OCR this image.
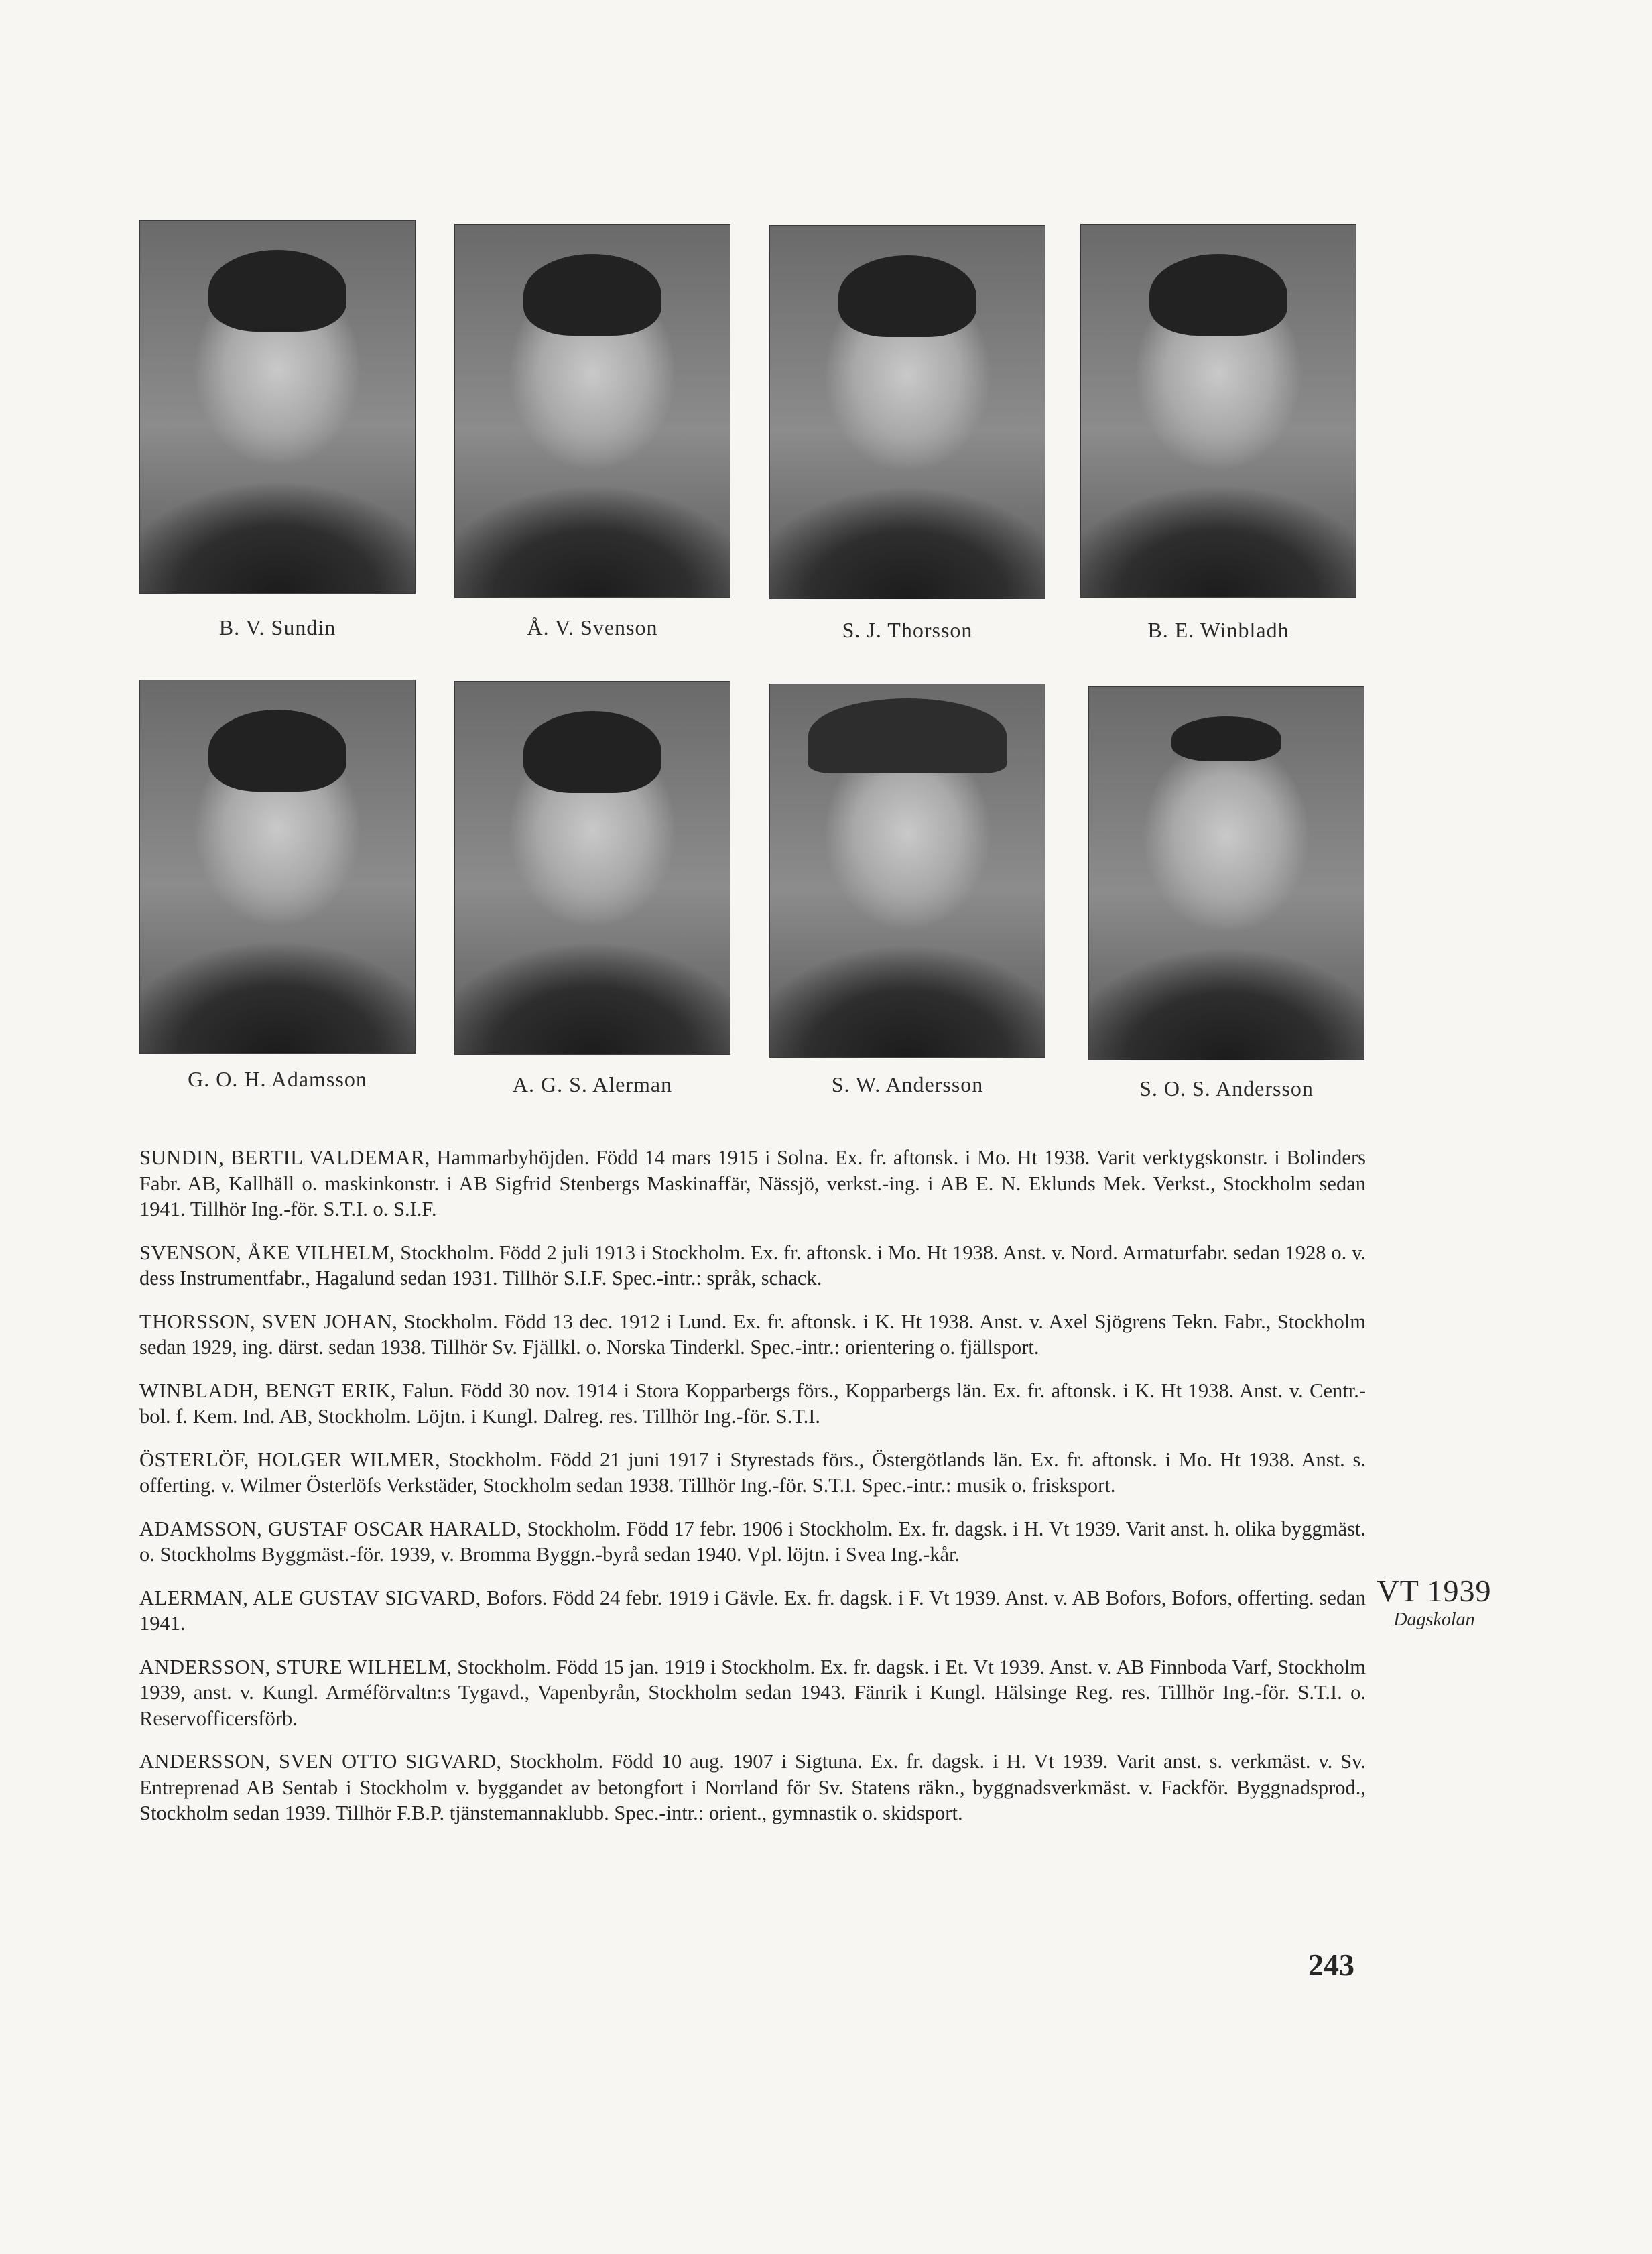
B. V. Sundin	Å. V. Svenson	S. J. Thorsson	B. E. Winbladh
G. O. H. Adamsson	A. G. S. Alerman	S. W. Andersson	S. O. S. Andersson

SUNDIN, BERTIL VALDEMAR, Hammarbyhöjden. Född 14 mars 1915 i Solna. Ex. fr. aftonsk. i Mo. Ht 1938. Varit verktygskonstr. i Bolinders Fabr. AB, Kallhäll o. maskinkonstr. i AB Sigfrid Stenbergs Maskinaffär, Nässjö, verkst.-ing. i AB E. N. Eklunds Mek. Verkst., Stockholm sedan 1941. Tillhör Ing.-för. S.T.I. o. S.I.F.

SVENSON, ÅKE VILHELM, Stockholm. Född 2 juli 1913 i Stockholm. Ex. fr. aftonsk. i Mo. Ht 1938. Anst. v. Nord. Armaturfabr. sedan 1928 o. v. dess Instrumentfabr., Hagalund sedan 1931. Tillhör S.I.F. Spec.-intr.: språk, schack.

THORSSON, SVEN JOHAN, Stockholm. Född 13 dec. 1912 i Lund. Ex. fr. aftonsk. i K. Ht 1938. Anst. v. Axel Sjögrens Tekn. Fabr., Stockholm sedan 1929, ing. därst. sedan 1938. Tillhör Sv. Fjällkl. o. Norska Tinderkl. Spec.-intr.: orientering o. fjällsport.

WINBLADH, BENGT ERIK, Falun. Född 30 nov. 1914 i Stora Kopparbergs förs., Kopparbergs län. Ex. fr. aftonsk. i K. Ht 1938. Anst. v. Centr.-bol. f. Kem. Ind. AB, Stockholm. Löjtn. i Kungl. Dalreg. res. Tillhör Ing.-för. S.T.I.

ÖSTERLÖF, HOLGER WILMER, Stockholm. Född 21 juni 1917 i Styrestads förs., Östergötlands län. Ex. fr. aftonsk. i Mo. Ht 1938. Anst. s. offerting. v. Wilmer Österlöfs Verkstäder, Stockholm sedan 1938. Tillhör Ing.-för. S.T.I. Spec.-intr.: musik o. frisksport.

ADAMSSON, GUSTAF OSCAR HARALD, Stockholm. Född 17 febr. 1906 i Stockholm. Ex. fr. dagsk. i H. Vt 1939. Varit anst. h. olika byggmäst. o. Stockholms Byggmäst.-för. 1939, v. Bromma Byggn.-byrå sedan 1940. Vpl. löjtn. i Svea Ing.-kår.

ALERMAN, ALE GUSTAV SIGVARD, Bofors. Född 24 febr. 1919 i Gävle. Ex. fr. dagsk. i F. Vt 1939. Anst. v. AB Bofors, Bofors, offerting. sedan 1941.

ANDERSSON, STURE WILHELM, Stockholm. Född 15 jan. 1919 i Stockholm. Ex. fr. dagsk. i Et. Vt 1939. Anst. v. AB Finnboda Varf, Stockholm 1939, anst. v. Kungl. Arméförvaltn:s Tygavd., Vapenbyrån, Stockholm sedan 1943. Fänrik i Kungl. Hälsinge Reg. res. Tillhör Ing.-för. S.T.I. o. Reservofficersförb.

ANDERSSON, SVEN OTTO SIGVARD, Stockholm. Född 10 aug. 1907 i Sigtuna. Ex. fr. dagsk. i H. Vt 1939. Varit anst. s. verkmäst. v. Sv. Entreprenad AB Sentab i Stockholm v. byggandet av betongfort i Norrland för Sv. Statens räkn., byggnadsverkmäst. v. Fackför. Byggnadsprod., Stockholm sedan 1939. Tillhör F.B.P. tjänstemannaklubb. Spec.-intr.: orient., gymnastik o. skidsport.

VT 1939
Dagskolan
243
